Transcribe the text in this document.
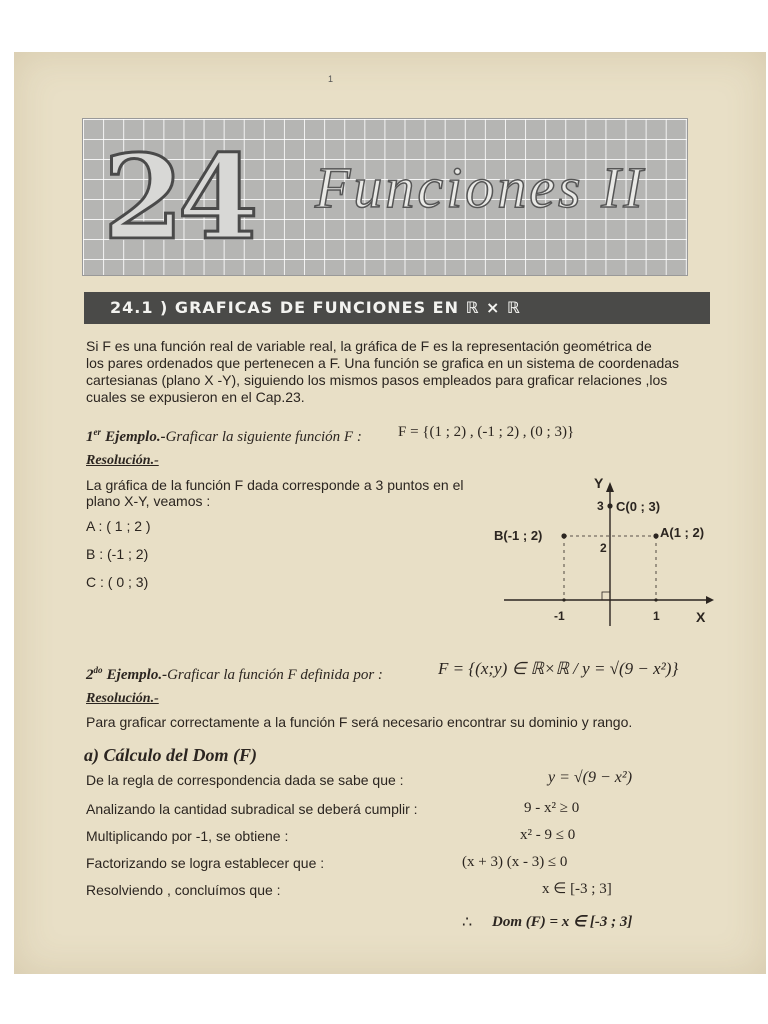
1
24 Funciones II
24.1 ) GRAFICAS DE FUNCIONES EN ℝ × ℝ
Si F es una función real de variable real, la gráfica de F es la representación geométrica de
los pares ordenados que pertenecen a F. Una función se grafica en un sistema de coordenadas
cartesianas (plano X -Y), siguiendo los mismos pasos empleados para graficar relaciones ,los
cuales se expusieron en el Cap.23.
1er Ejemplo.-Graficar la siguiente función F : F = {(1 ; 2) , (-1 ; 2) , (0 ; 3)}
Resolución.-
La gráfica de la función F dada corresponde a 3 puntos en el
plano X-Y, veamos :
A : ( 1 ; 2 )
B : (-1 ; 2)
C : ( 0 ; 3)
Y
X
3
2
-1	1
C(0 ; 3)
A(1 ; 2)
B(-1 ; 2)
$2^{do}$ Ejemplo.-Graficar la función F definida por :	F = {(x;y) ∈ ℝ×ℝ / y = √(9 − x²)}
Resolución.-
Para graficar correctamente a la función F será necesario encontrar su dominio y rango.
a) Cálculo del Dom (F)
De la regla de correspondencia dada se sabe que :	y = √(9 − x²)
Analizando la cantidad subradical se deberá cumplir :	9 - x² ≥ 0
Multiplicando por -1, se obtiene :	x² - 9 ≤ 0
Factorizando se logra establecer que :	(x + 3) (x - 3) ≤ 0
Resolviendo , concluímos que :	x ∈ [-3 ; 3]
∴ Dom (F) = x ∈ [-3 ; 3]
